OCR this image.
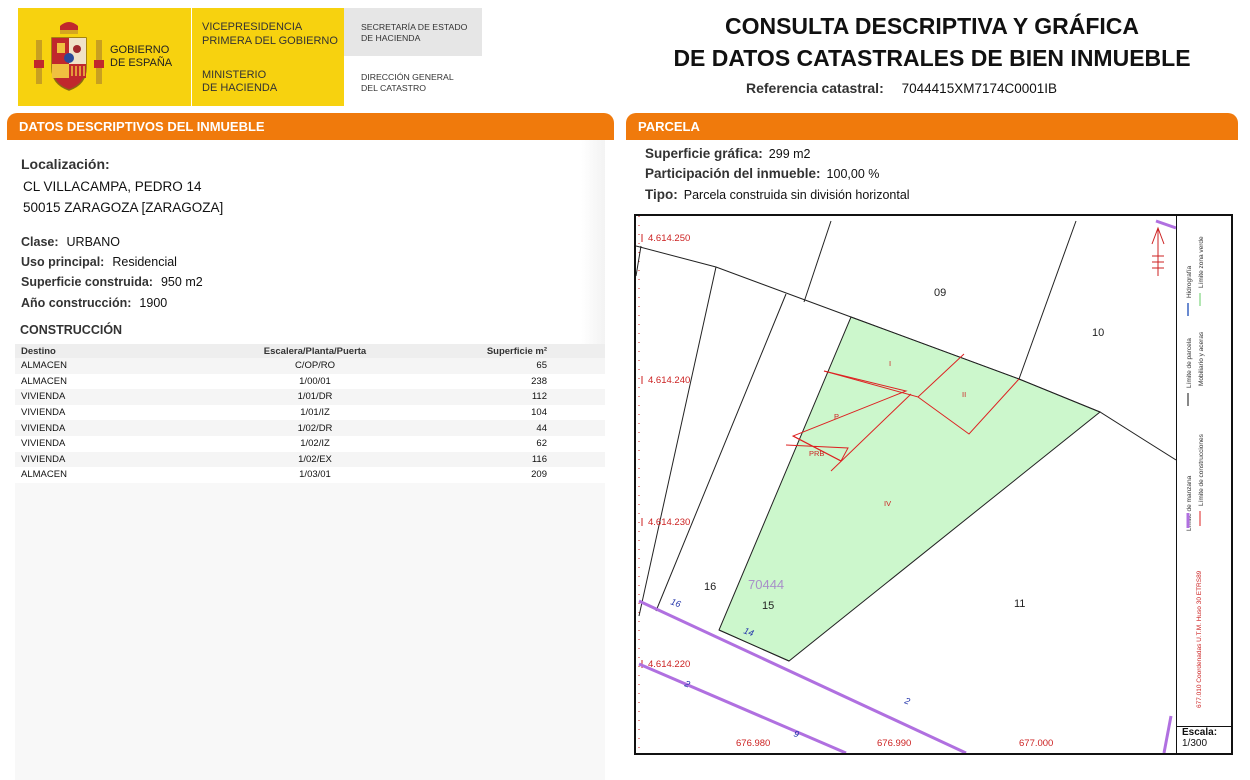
GOBIERNO
DE ESPAÑA
VICEPRESIDENCIA
PRIMERA DEL GOBIERNO
MINISTERIO
DE HACIENDA
SECRETARÍA DE ESTADO
DE HACIENDA
DIRECCIÓN GENERAL
DEL CATASTRO
CONSULTA DESCRIPTIVA Y GRÁFICA
DE DATOS CATASTRALES DE BIEN INMUEBLE
Referencia catastral: 7044415XM7174C0001IB
DATOS DESCRIPTIVOS DEL INMUEBLE	PARCELA
Localización:
CL VILLACAMPA, PEDRO 14
50015 ZARAGOZA [ZARAGOZA]
Clase: URBANO
Uso principal: Residencial
Superficie construida: 950 m2
Año construcción: 1900
CONSTRUCCIÓN
Destino	Escalera/Planta/Puerta	Superficie m²
ALMACEN	C/OP/RO	65
ALMACEN	1/00/01	238
VIVIENDA	1/01/DR	112
VIVIENDA	1/01/IZ	104
VIVIENDA	1/02/DR	44
VIVIENDA	1/02/IZ	62
VIVIENDA	1/02/EX	116
ALMACEN	1/03/01	209
Superficie gráfica: 299 m2
Participación del inmueble: 100,00 %
Tipo: Parcela construida sin división horizontal
4.614.250
4.614.240
4.614.230
4.614.220
676.980	676.990	677.000
09
10
16
15	11
70444
16
14
2
2
9
I
II
P
PRB
IV	Límite de manzana
Límite de parcela
Hidrografía
Límite de construcciones
Mobiliario y aceras
Límite zona verde
677.010 Coordenadas U.T.M. Huso 30 ETRS89
Escala:
1/300
